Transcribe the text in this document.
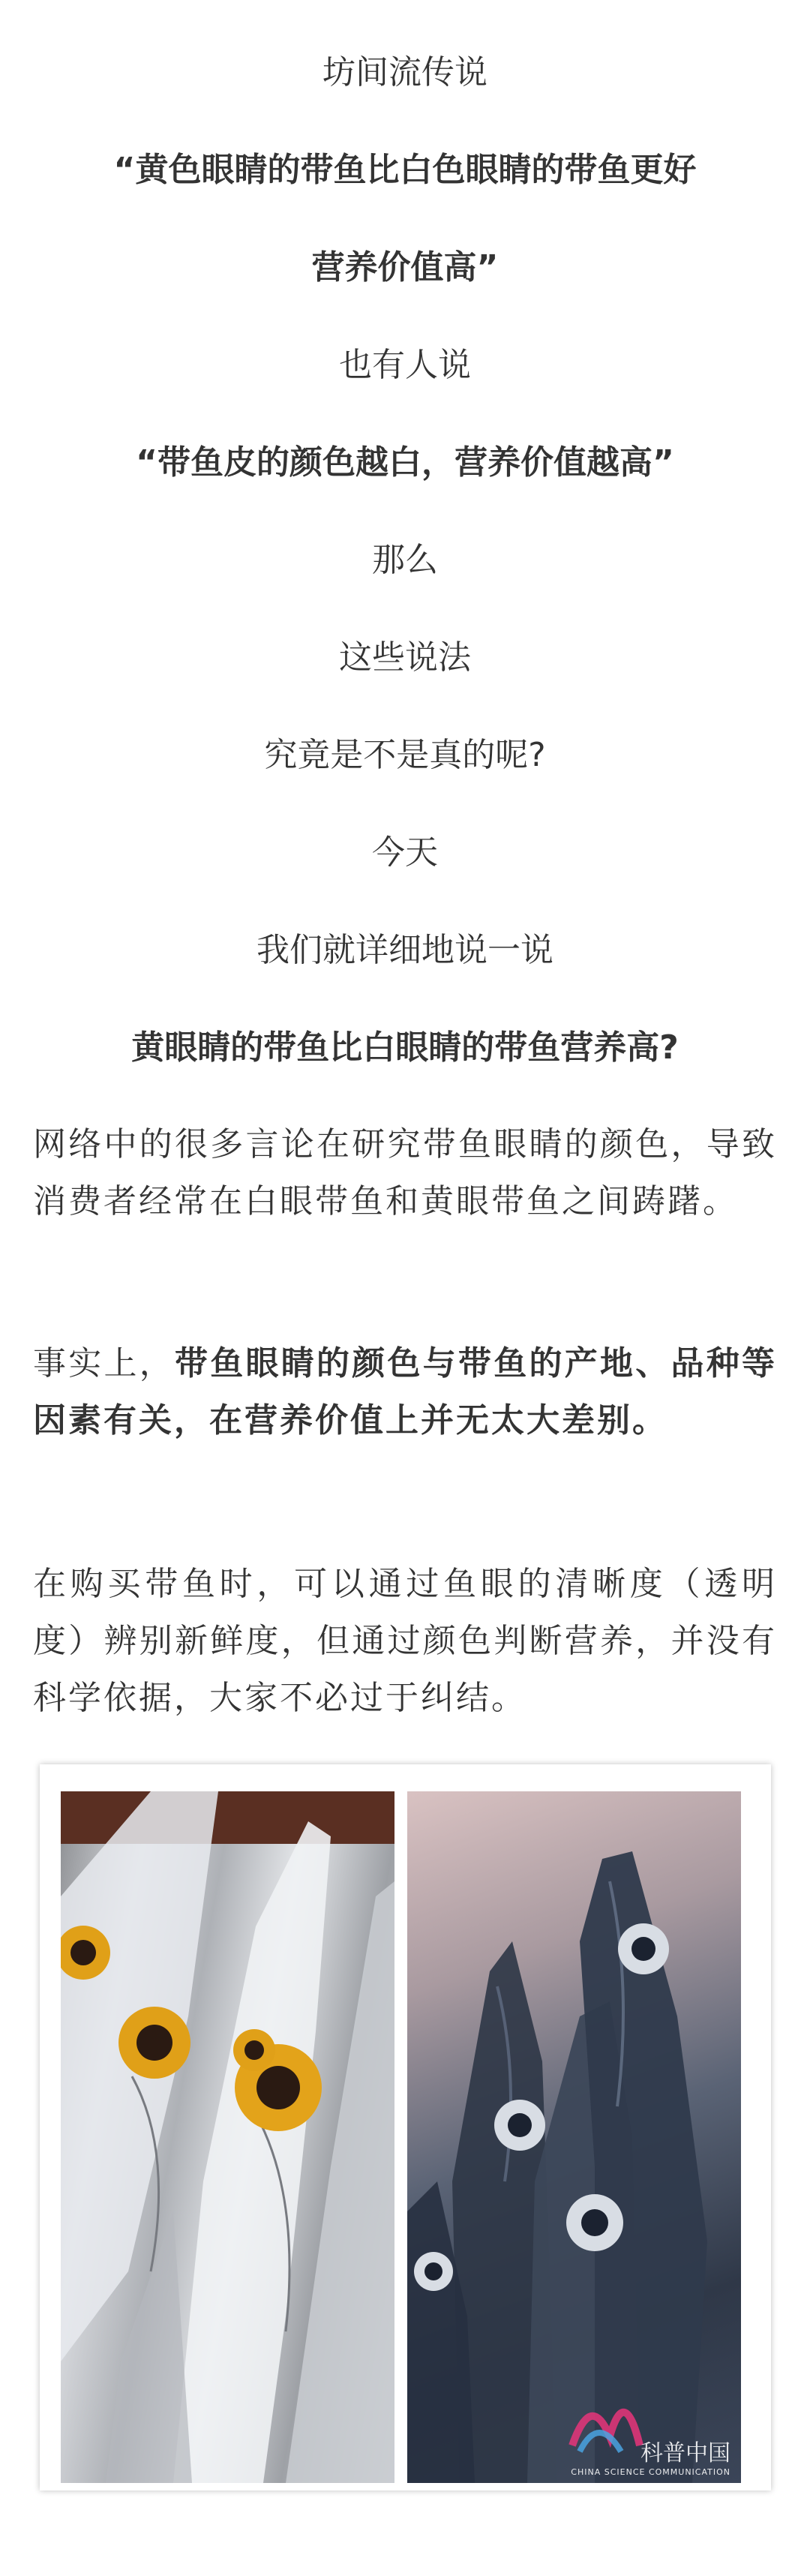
坊间流传说
“黄色眼睛的带鱼比白色眼睛的带鱼更好
营养价值高”
也有人说
“带鱼皮的颜色越白，营养价值越高”
那么
这些说法
究竟是不是真的呢?
今天
我们就详细地说一说
黄眼睛的带鱼比白眼睛的带鱼营养高?

网络中的很多言论在研究带鱼眼睛的颜色，导致消费者经常在白眼带鱼和黄眼带鱼之间踌躇。

事实上，带鱼眼睛的颜色与带鱼的产地、品种等因素有关，在营养价值上并无太大差别。

在购买带鱼时，可以通过鱼眼的清晰度（透明度）辨别新鲜度，但通过颜色判断营养，并没有科学依据，大家不必过于纠结。

科普中国
CHINA SCIENCE COMMUNICATION
